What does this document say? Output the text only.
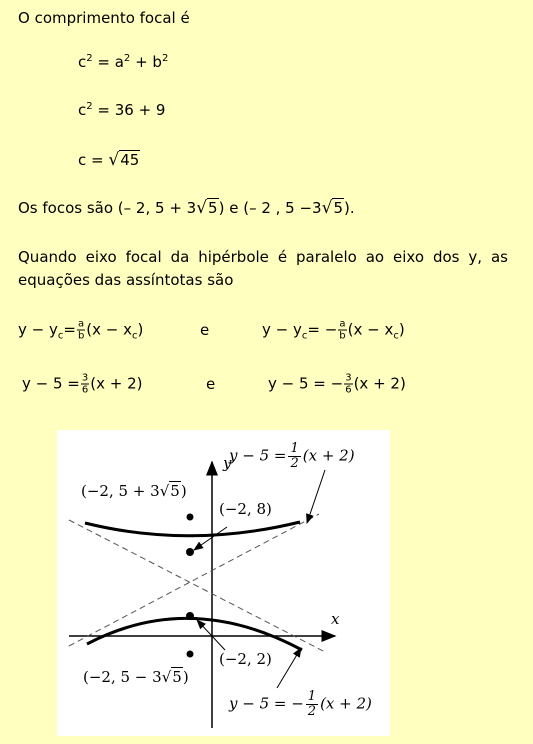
O comprimento focal é
$c^2 = a^2 + b^2$
$c^2 = 36 + 9$
c = √45
Os focos são (– 2, 5 + 3√5) e (– 2 , 5 −3√5).
Quando eixo focal da hipérbole é paralelo ao eixo dos y, as equações das assíntotas são
$y - y_c= \frac{a}{b} (x - x_c)$	e	$y - y_c= - \frac{a}{b} (x - x_c)$
$y - 5 = \frac{3}{6} (x + 2)$	e	y − 5 = − $\frac{3}{6} (x + 2)$
y
x
$y - 5 = \frac{1}{2} (x + 2)$
(−2, 5 + 3√5)
(−2, 8)
(−2, 2)
(−2, 5 − 3√5)
y − 5 = − $\frac{1}{2} (x + 2)$
